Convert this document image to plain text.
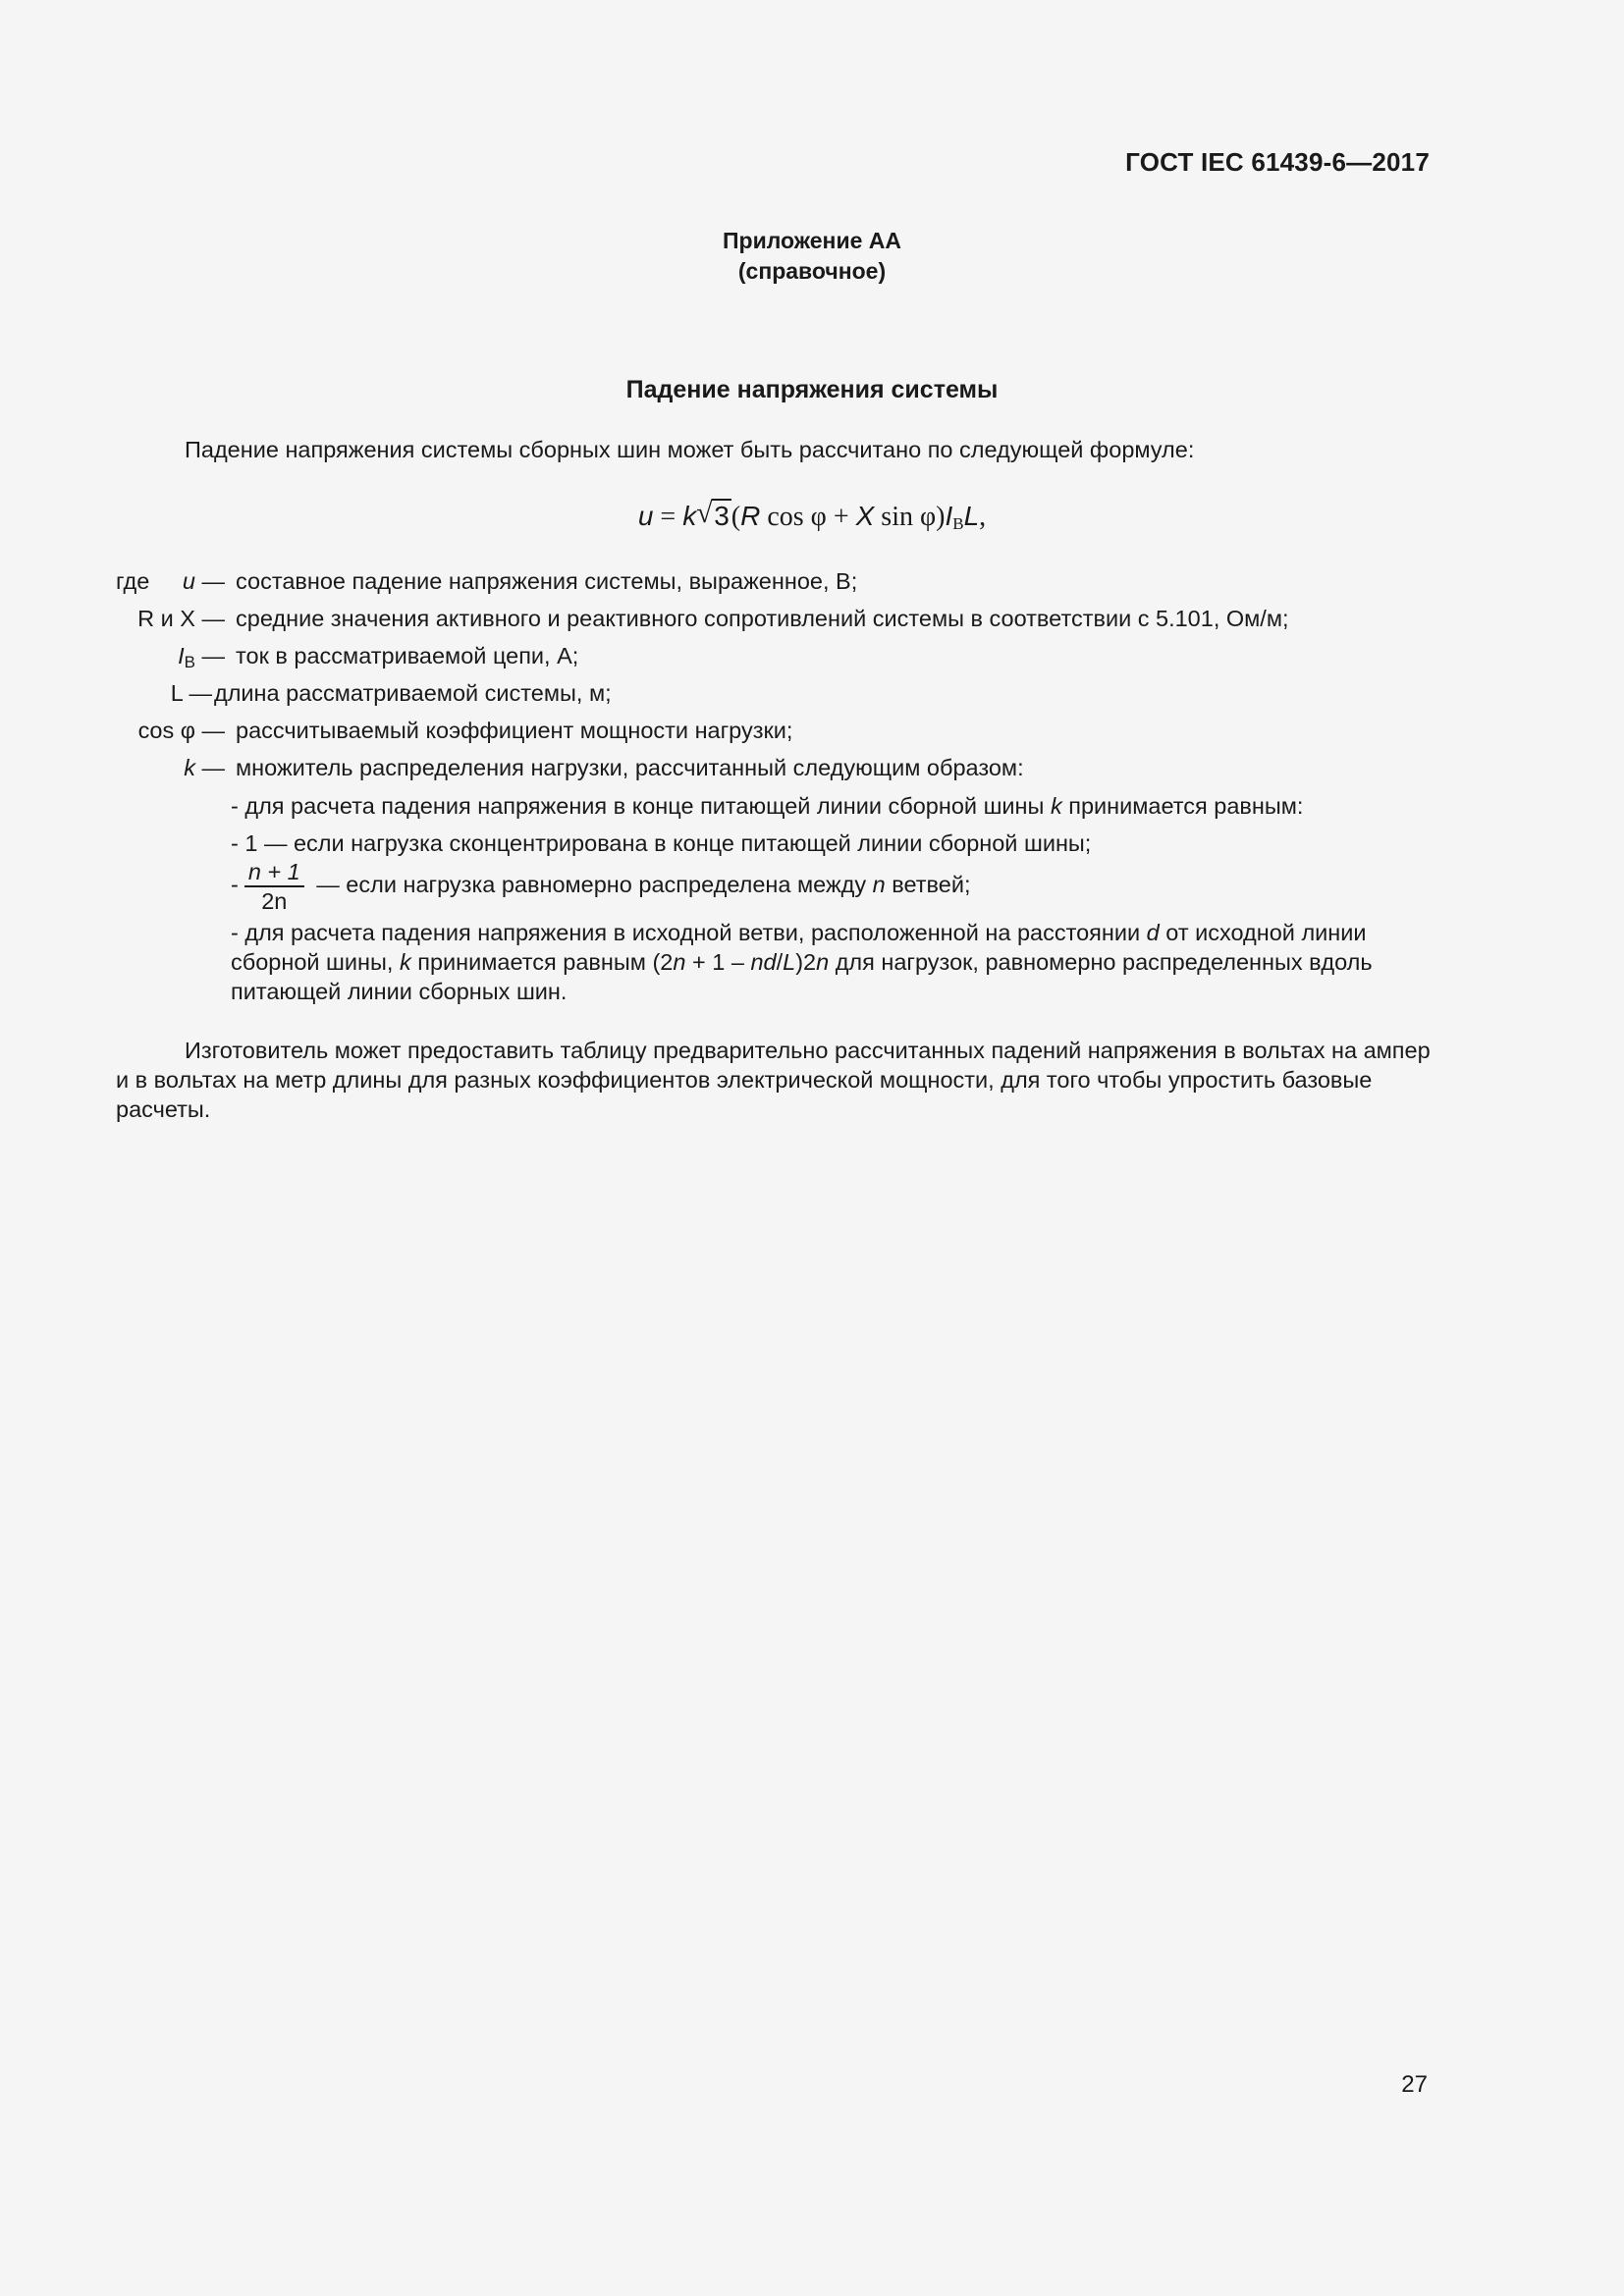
ГОСТ IEC 61439-6—2017
Приложение АА
(справочное)
Падение напряжения системы
Падение напряжения системы сборных шин может быть рассчитано по следующей формуле:
u = k √ 3(R cos φ + X $\sin \varphi)I_BL$,
где u — составное падение напряжения системы, выраженное, В;
R и X — средние значения активного и реактивного сопротивлений системы в соответствии с 5.101, Ом/м;
$I_B$ — ток в рассматриваемой цепи, А;
L — длина рассматриваемой системы, м;
cos φ — рассчитываемый коэффициент мощности нагрузки;
k — множитель распределения нагрузки, рассчитанный следующим образом:
- для расчета падения напряжения в конце питающей линии сборной шины k принимается равным:
- 1 — если нагрузка сконцентрирована в конце питающей линии сборной шины;
- $\frac{n + 1}{2n}$ — если нагрузка равномерно распределена между n ветвей;
- для расчета падения напряжения в исходной ветви, расположенной на расстоянии d от исходной линии сборной шины, k принимается равным (2n + 1 – nd/L)2n для нагрузок, равномерно распределенных вдоль питающей линии сборных шин.
Изготовитель может предоставить таблицу предварительно рассчитанных падений напряжения в вольтах на ампер и в вольтах на метр длины для разных коэффициентов электрической мощности, для того чтобы упростить базовые расчеты.
27
